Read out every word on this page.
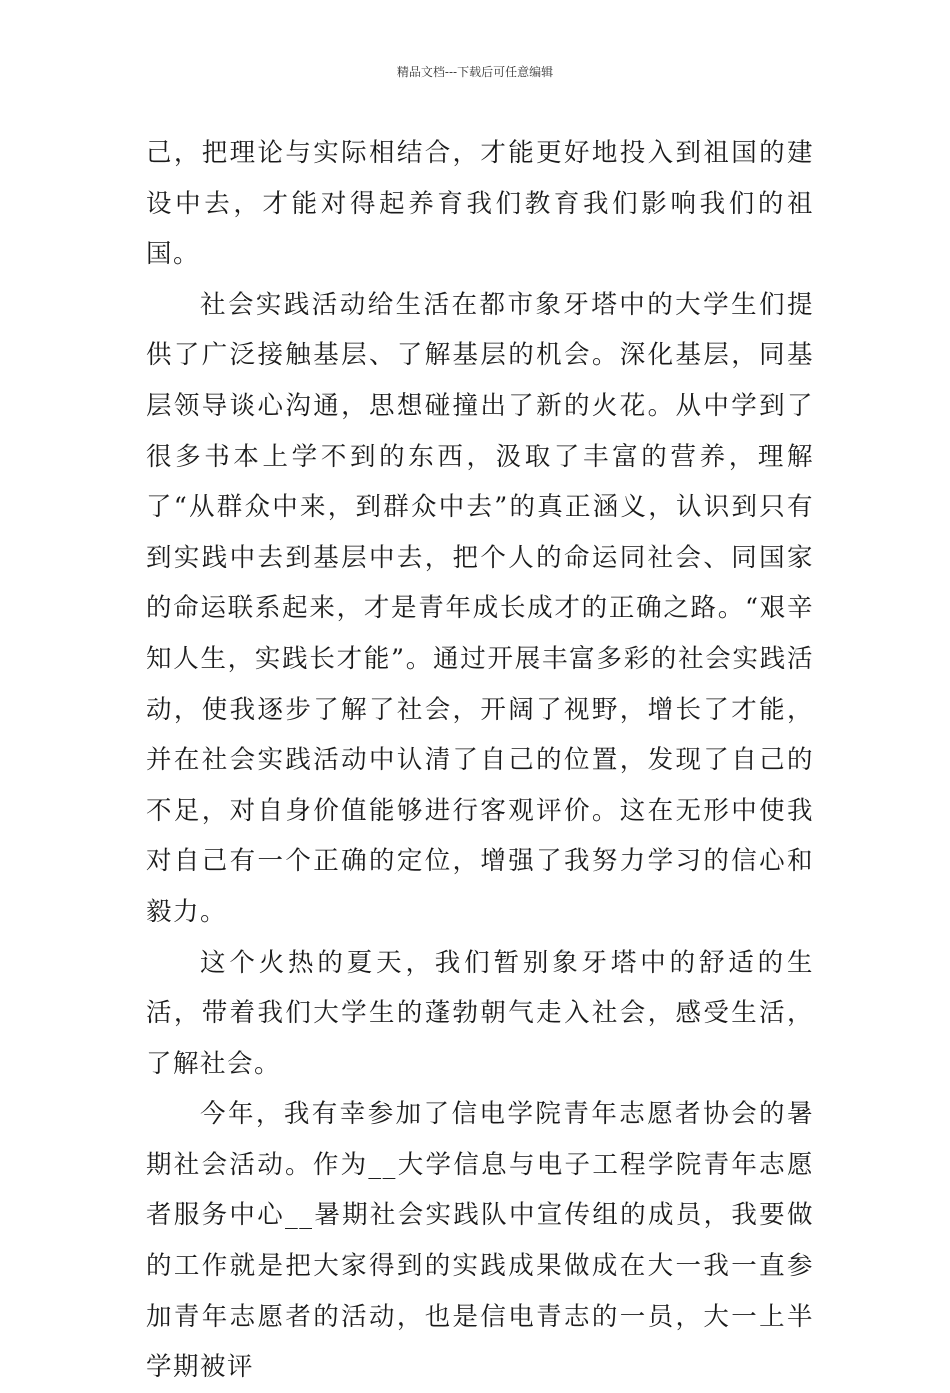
精品文档---下载后可任意编辑

己，把理论与实际相结合，才能更好地投入到祖国的建设中去，才能对得起养育我们教育我们影响我们的祖国。

社会实践活动给生活在都市象牙塔中的大学生们提供了广泛接触基层、了解基层的机会。深化基层，同基层领导谈心沟通，思想碰撞出了新的火花。从中学到了很多书本上学不到的东西，汲取了丰富的营养，理解了“从群众中来，到群众中去”的真正涵义，认识到只有到实践中去到基层中去，把个人的命运同社会、同国家的命运联系起来，才是青年成长成才的正确之路。“艰辛知人生，实践长才能”。通过开展丰富多彩的社会实践活动，使我逐步了解了社会，开阔了视野，增长了才能，并在社会实践活动中认清了自己的位置，发现了自己的不足，对自身价值能够进行客观评价。这在无形中使我对自己有一个正确的定位，增强了我努力学习的信心和毅力。

这个火热的夏天，我们暂别象牙塔中的舒适的生活，带着我们大学生的蓬勃朝气走入社会，感受生活，了解社会。

今年，我有幸参加了信电学院青年志愿者协会的暑期社会活动。作为__大学信息与电子工程学院青年志愿者服务中心__暑期社会实践队中宣传组的成员，我要做的工作就是把大家得到的实践成果做成在大一我一直参加青年志愿者的活动，也是信电青志的一员，大一上半学期被评
